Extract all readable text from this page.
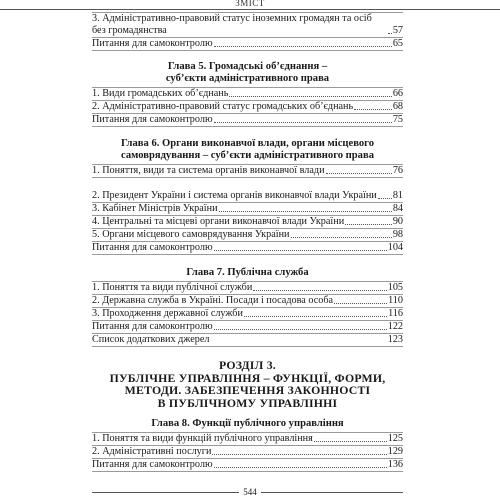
ЗМІСТ
3. Адміністративно-правовий статус іноземних громадян та осіб без громадянства	57
Питання для самоконтролю	65
Глава 5. Громадські об’єднання –
суб’єкти адміністративного права
1. Види громадських об’єднань	66
2. Адміністративно-правовий статус громадських об’єднань	68
Питання для самоконтролю	75
Глава 6. Органи виконавчої влади, органи місцевого
самоврядування – суб’єкти адміністративного права
1. Поняття, види та система органів виконавчої влади	76
2. Президент України і система органів виконавчої влади України 81
3. Кабінет Міністрів України	84
4. Центральні та місцеві органи виконавчої влади України	90
5. Органи місцевого самоврядування України	98
Питання для самоконтролю	104
Глава 7. Публічна служба
1. Поняття та види публічної служби	105
2. Державна служба в Україні. Посади і посадова особа	110
3. Проходження державної служби	116
Питання для самоконтролю	122
Список додаткових джерел	123
РОЗДІЛ 3.
ПУБЛІЧНЕ УПРАВЛІННЯ – ФУНКЦІЇ, ФОРМИ,
МЕТОДИ. ЗАБЕЗПЕЧЕННЯ ЗАКОННОСТІ
В ПУБЛІЧНОМУ УПРАВЛІННІ
Глава 8. Функції публічного управління
1. Поняття та види функцій публічного управління	125
2. Адміністративні послуги	129
Питання для самоконтролю	136
544
